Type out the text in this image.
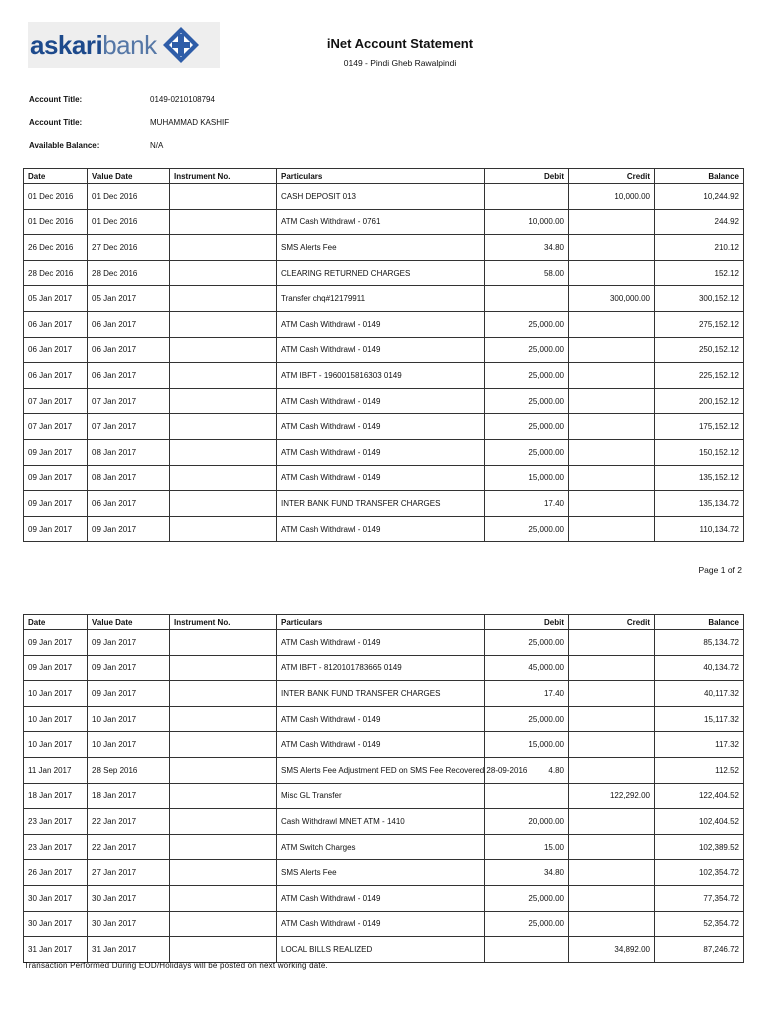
askaribank	iNet Account Statement
0149 - Pindi Gheb Rawalpindi
Account Title:	0149-0210108794
Account Title:	MUHAMMAD KASHIF
Available Balance:	N/A
Date	Value Date	Instrument No.	Particulars	Debit	Credit	Balance
01 Dec 2016	01 Dec 2016		CASH DEPOSIT 013		10,000.00	10,244.92
01 Dec 2016	01 Dec 2016		ATM Cash Withdrawl - 0761	10,000.00		244.92
26 Dec 2016	27 Dec 2016		SMS Alerts Fee	34.80		210.12
28 Dec 2016	28 Dec 2016		CLEARING RETURNED CHARGES	58.00		152.12
05 Jan 2017	05 Jan 2017		Transfer chq#12179911		300,000.00	300,152.12
06 Jan 2017	06 Jan 2017		ATM Cash Withdrawl - 0149	25,000.00		275,152.12
06 Jan 2017	06 Jan 2017		ATM Cash Withdrawl - 0149	25,000.00		250,152.12
06 Jan 2017	06 Jan 2017		ATM IBFT - 1960015816303 0149	25,000.00		225,152.12
07 Jan 2017	07 Jan 2017		ATM Cash Withdrawl - 0149	25,000.00		200,152.12
07 Jan 2017	07 Jan 2017		ATM Cash Withdrawl - 0149	25,000.00		175,152.12
09 Jan 2017	08 Jan 2017		ATM Cash Withdrawl - 0149	25,000.00		150,152.12
09 Jan 2017	08 Jan 2017		ATM Cash Withdrawl - 0149	15,000.00		135,152.12
09 Jan 2017	06 Jan 2017		INTER BANK FUND TRANSFER CHARGES	17.40		135,134.72
09 Jan 2017	09 Jan 2017		ATM Cash Withdrawl - 0149	25,000.00		110,134.72
Page 1 of 2
Date	Value Date	Instrument No.	Particulars	Debit	Credit	Balance
09 Jan 2017	09 Jan 2017		ATM Cash Withdrawl - 0149	25,000.00		85,134.72
09 Jan 2017	09 Jan 2017		ATM IBFT - 8120101783665 0149	45,000.00		40,134.72
10 Jan 2017	09 Jan 2017		INTER BANK FUND TRANSFER CHARGES	17.40		40,117.32
10 Jan 2017	10 Jan 2017		ATM Cash Withdrawl - 0149	25,000.00		15,117.32
10 Jan 2017	10 Jan 2017		ATM Cash Withdrawl - 0149	15,000.00		117.32
11 Jan 2017	28 Sep 2016		SMS Alerts Fee Adjustment FED on SMS Fee Recovered 28-09-2016	4.80		112.52
18 Jan 2017	18 Jan 2017		Misc GL Transfer		122,292.00	122,404.52
23 Jan 2017	22 Jan 2017		Cash Withdrawl MNET ATM - 1410	20,000.00		102,404.52
23 Jan 2017	22 Jan 2017		ATM Switch Charges	15.00		102,389.52
26 Jan 2017	27 Jan 2017		SMS Alerts Fee	34.80		102,354.72
30 Jan 2017	30 Jan 2017		ATM Cash Withdrawl - 0149	25,000.00		77,354.72
30 Jan 2017	30 Jan 2017		ATM Cash Withdrawl - 0149	25,000.00		52,354.72
31 Jan 2017	31 Jan 2017		LOCAL BILLS REALIZED		34,892.00	87,246.72
Transaction Performed During EOD/Holidays will be posted on next working date.
